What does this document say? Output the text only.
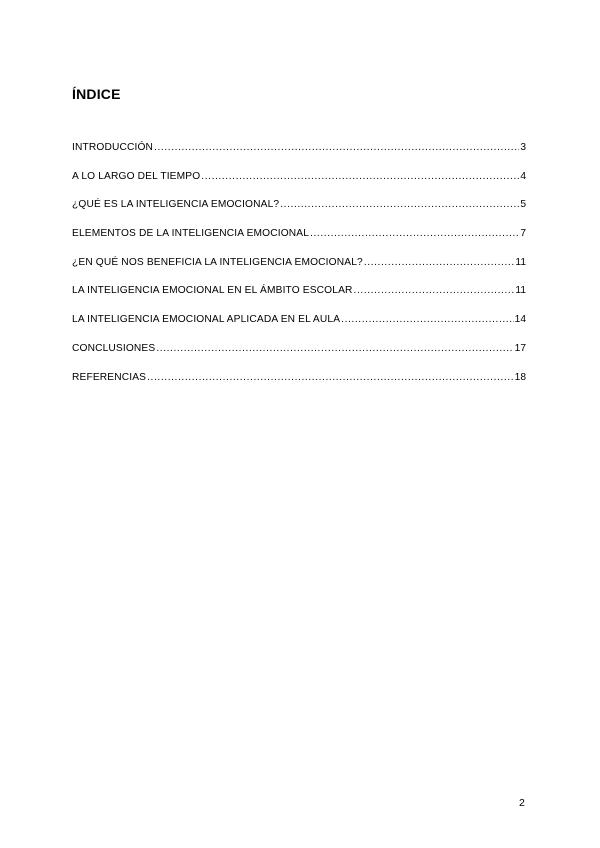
ÍNDICE
INTRODUCCIÓN .....	3
A LO LARGO DEL TIEMPO .....	4
¿QUÉ ES LA INTELIGENCIA EMOCIONAL? .....	5
ELEMENTOS DE LA INTELIGENCIA EMOCIONAL .....	7
¿EN QUÉ NOS BENEFICIA LA INTELIGENCIA EMOCIONAL? .....	11
LA INTELIGENCIA EMOCIONAL EN EL ÁMBITO ESCOLAR .....	11
LA INTELIGENCIA EMOCIONAL APLICADA EN EL AULA .....	14
CONCLUSIONES .....	17
REFERENCIAS .....	18
2
